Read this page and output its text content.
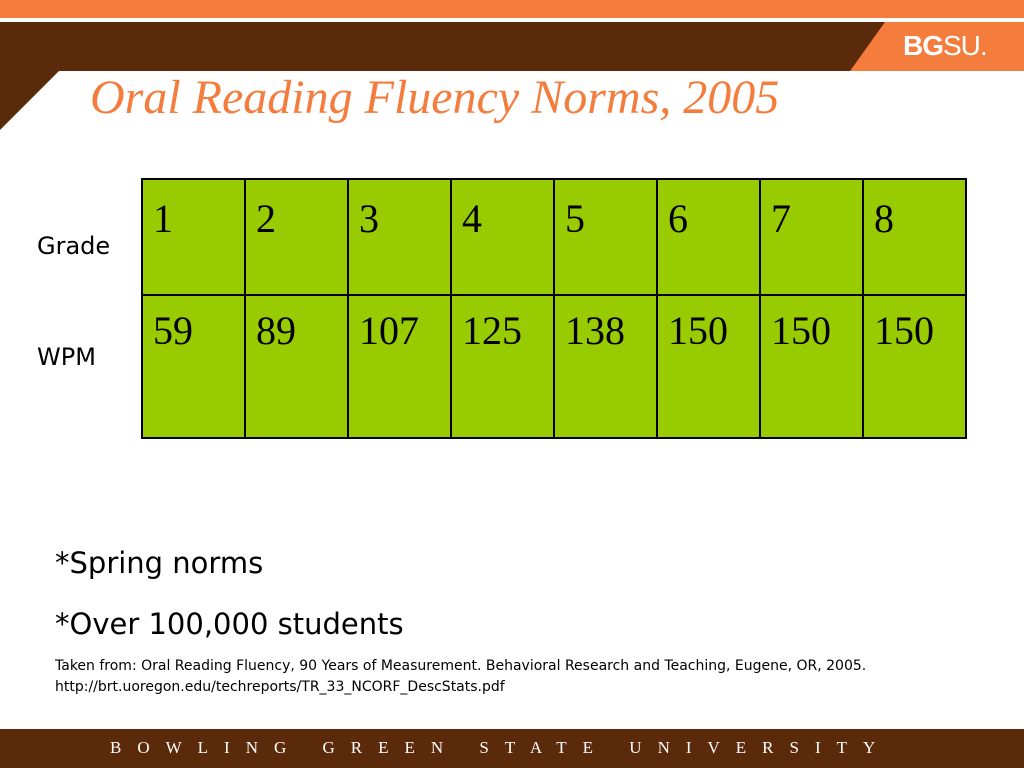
BGSU.
Oral Reading Fluency Norms, 2005
Grade
WPM
1	2	3	4	5	6	7	8
59	89	107	125	138	150	150	150
*Spring norms
*Over 100,000 students
Taken from: Oral Reading Fluency, 90 Years of Measurement. Behavioral Research and Teaching, Eugene, OR, 2005. http://brt.uoregon.edu/techreports/TR_33_NCORF_DescStats.pdf
BOWLING GREEN STATE UNIVERSITY
